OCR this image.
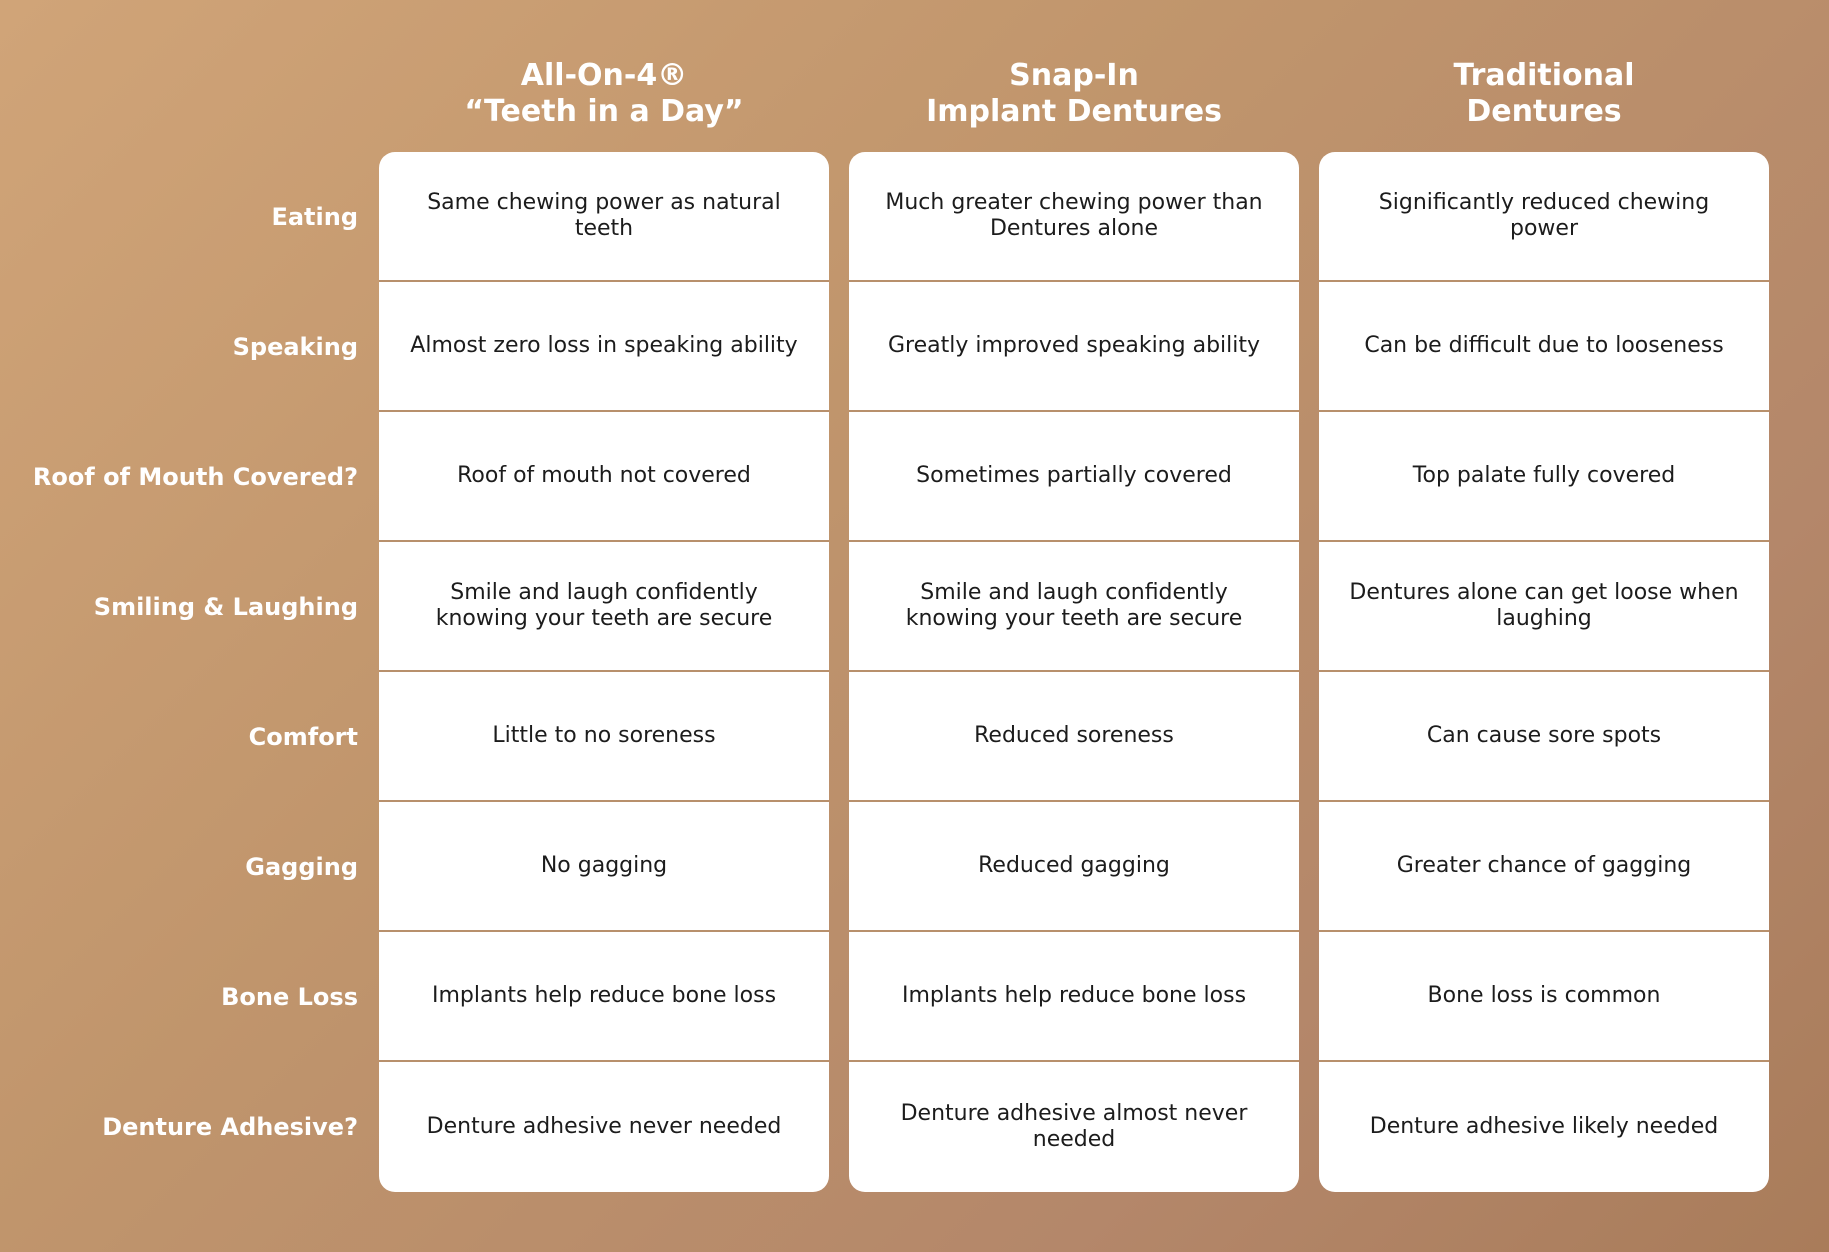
All-On-4®
“Teeth in a Day”
Snap-In
Implant Dentures
Traditional
Dentures
Eating
Speaking
Roof of Mouth Covered?
Smiling & Laughing
Comfort
Gagging
Bone Loss
Denture Adhesive?
Same chewing power as natural teeth
Almost zero loss in speaking ability
Roof of mouth not covered
Smile and laugh confidently knowing your teeth are secure
Little to no soreness
No gagging
Implants help reduce bone loss
Denture adhesive never needed
Much greater chewing power than Dentures alone
Greatly improved speaking ability
Sometimes partially covered
Smile and laugh confidently knowing your teeth are secure
Reduced soreness
Reduced gagging
Implants help reduce bone loss
Denture adhesive almost never needed
Significantly reduced chewing power
Can be difficult due to looseness
Top palate fully covered
Dentures alone can get loose when laughing
Can cause sore spots
Greater chance of gagging
Bone loss is common
Denture adhesive likely needed
